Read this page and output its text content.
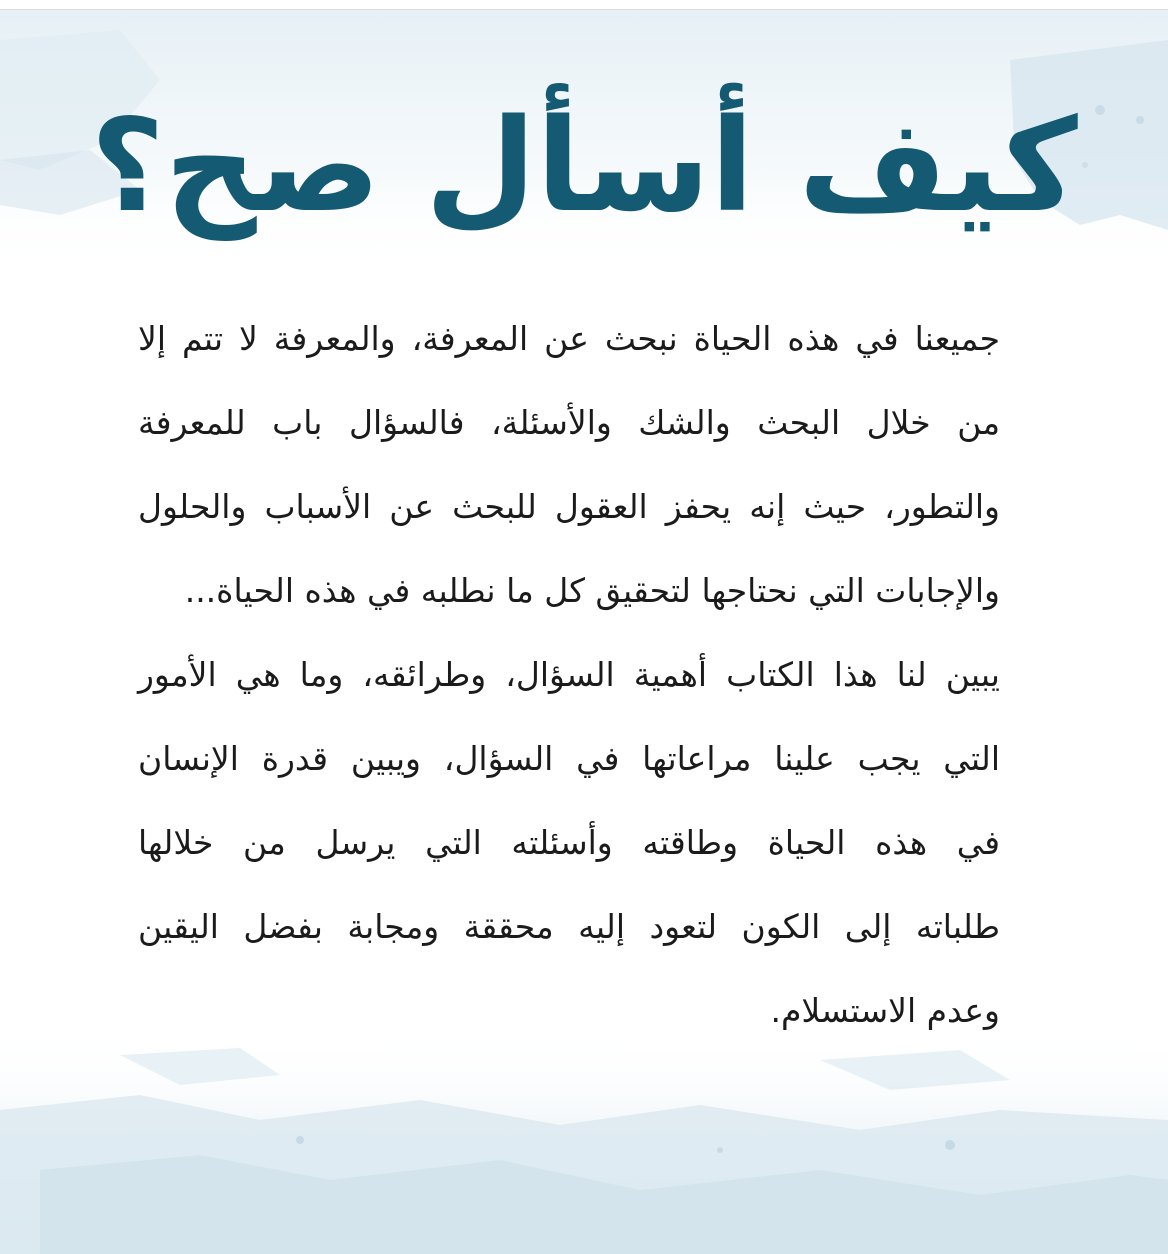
كيف أسأل صح؟
جميعنا في هذه الحياة نبحث عن المعرفة، والمعرفة لا تتم إلا
من خلال البحث والشك والأسئلة، فالسؤال باب للمعرفة
والتطور، حيث إنه يحفز العقول للبحث عن الأسباب والحلول
والإجابات التي نحتاجها لتحقيق كل ما نطلبه في هذه الحياة...
يبين لنا هذا الكتاب أهمية السؤال، وطرائقه، وما هي الأمور
التي يجب علينا مراعاتها في السؤال، ويبين قدرة الإنسان
في هذه الحياة وطاقته وأسئلته التي يرسل من خلالها
طلباته إلى الكون لتعود إليه محققة ومجابة بفضل اليقين
وعدم الاستسلام.
